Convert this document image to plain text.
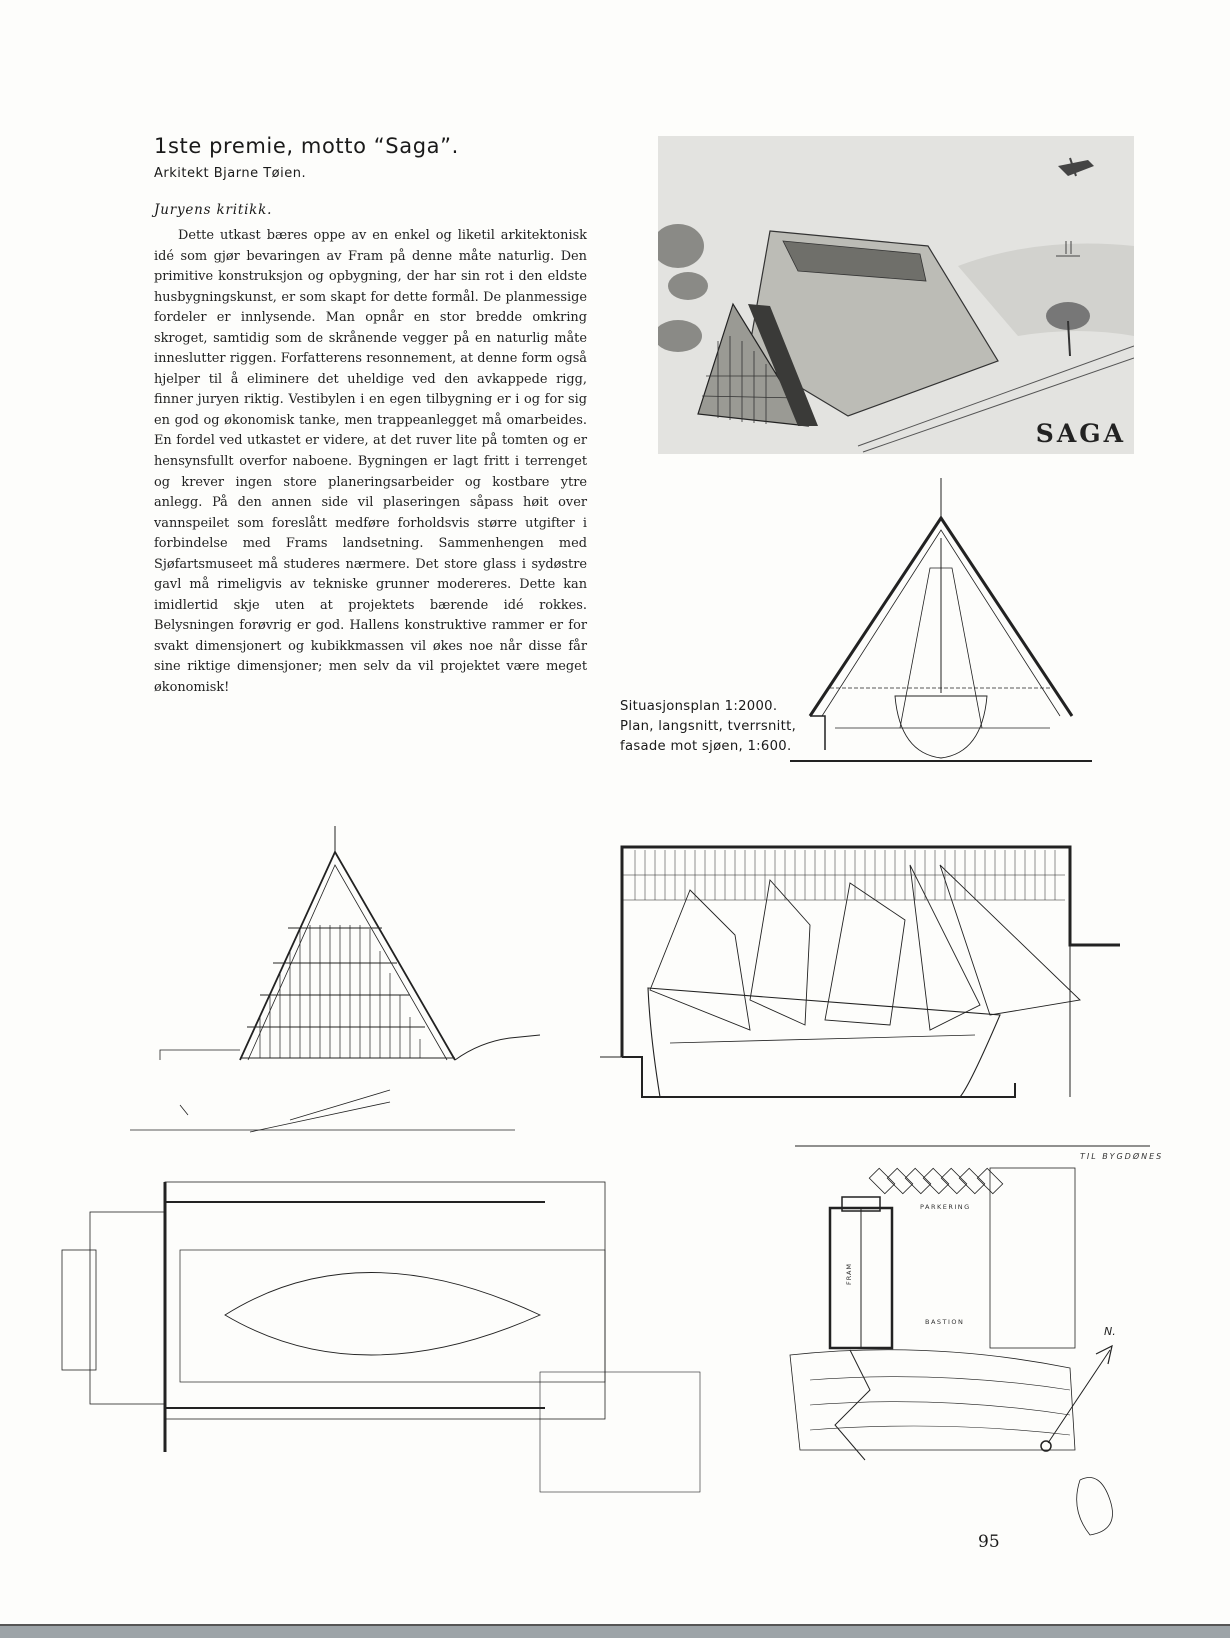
1ste premie, motto “Saga”.
Arkitekt Bjarne Tøien.
Juryens kritikk.

Dette utkast bæres oppe av en enkel og liketil arkitektonisk idé som gjør bevaringen av Fram på denne måte naturlig. Den primitive konstruksjon og opbygning, der har sin rot i den eldste husbygningskunst, er som skapt for dette formål. De planmessige fordeler er innlysende. Man opnår en stor bredde omkring skroget, samtidig som de skrånende vegger på en naturlig måte inneslutter riggen. Forfatterens resonnement, at denne form også hjelper til å eliminere det uheldige ved den avkappede rigg, finner juryen riktig. Vestibylen i en egen tilbygning er i og for sig en god og økonomisk tanke, men trappeanlegget må omarbeides. En fordel ved utkastet er videre, at det ruver lite på tomten og er hensynsfullt overfor naboene. Bygningen er lagt fritt i terrenget og krever ingen store planeringsarbeider og kostbare ytre anlegg. På den annen side vil plaseringen såpass høit over vannspeilet som foreslått medføre forholdsvis større utgifter i forbindelse med Frams landsetning. Sammenhengen med Sjøfartsmuseet må studeres nærmere. Det store glass i sydøstre gavl må rimeligvis av tekniske grunner modereres. Dette kan imidlertid skje uten at projektets bærende idé rokkes. Belysningen forøvrig er god. Hallens konstruktive rammer er for svakt dimensjonert og kubikkmassen vil økes noe når disse får sine riktige dimensjoner; men selv da vil projektet være meget økonomisk!

SAGA
Situasjonsplan 1:2000.
Plan, langsnitt, tverrsnitt,
fasade mot sjøen, 1:600.
TIL BYGDØNES
PARKERING
BASTION
FRAM
N.
95
